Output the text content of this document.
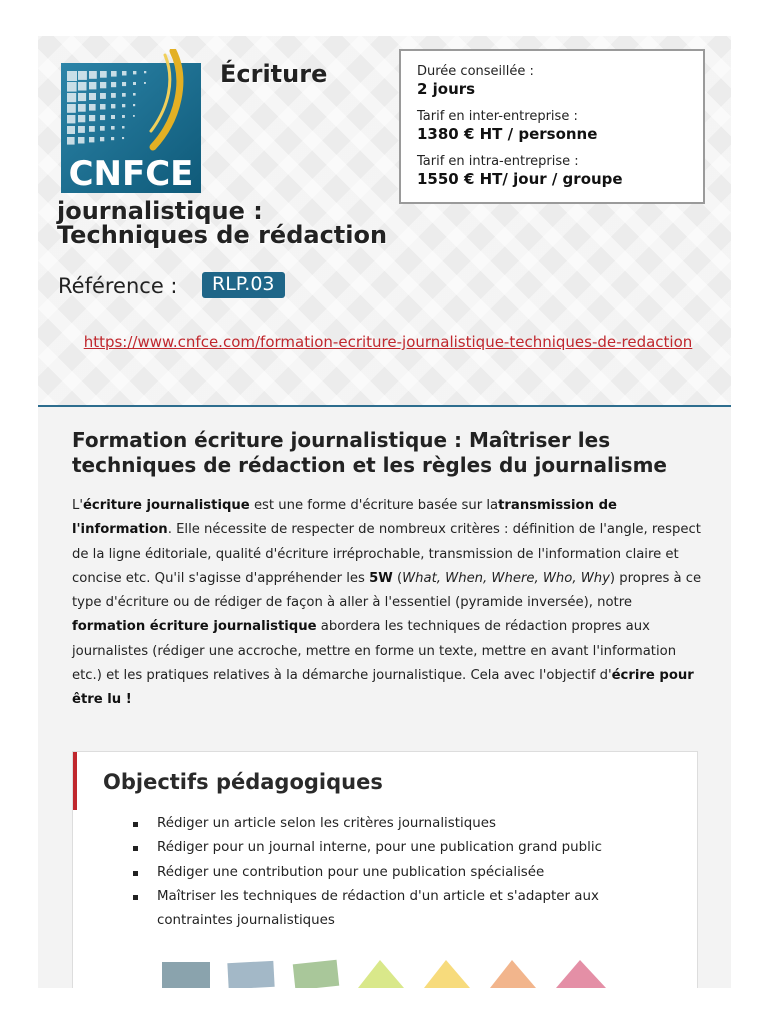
CNFCE
Écriture
journalistique :
Techniques de rédaction
Référence :	RLP.03
https://www.cnfce.com/formation-ecriture-journalistique-techniques-de-redaction
Durée conseillée :
2 jours
Tarif en inter-entreprise :
1380 € HT / personne
Tarif en intra-entreprise :
1550 € HT/ jour / groupe
Formation écriture journalistique : Maîtriser les techniques de rédaction et les règles du journalisme
L'écriture journalistique est une forme d'écriture basée sur latransmission de l'information. Elle nécessite de respecter de nombreux critères : définition de l'angle, respect de la ligne éditoriale, qualité d'écriture irréprochable, transmission de l'information claire et concise etc. Qu'il s'agisse d'appréhender les 5W (What, When, Where, Who, Why) propres à ce type d'écriture ou de rédiger de façon à aller à l'essentiel (pyramide inversée), notre formation écriture journalistique abordera les techniques de rédaction propres aux journalistes (rédiger une accroche, mettre en forme un texte, mettre en avant l'information etc.) et les pratiques relatives à la démarche journalistique. Cela avec l'objectif d'écrire pour être lu !
Objectifs pédagogiques
Rédiger un article selon les critères journalistiques
Rédiger pour un journal interne, pour une publication grand public
Rédiger une contribution pour une publication spécialisée
Maîtriser les techniques de rédaction d'un article et s'adapter aux contraintes journalistiques
